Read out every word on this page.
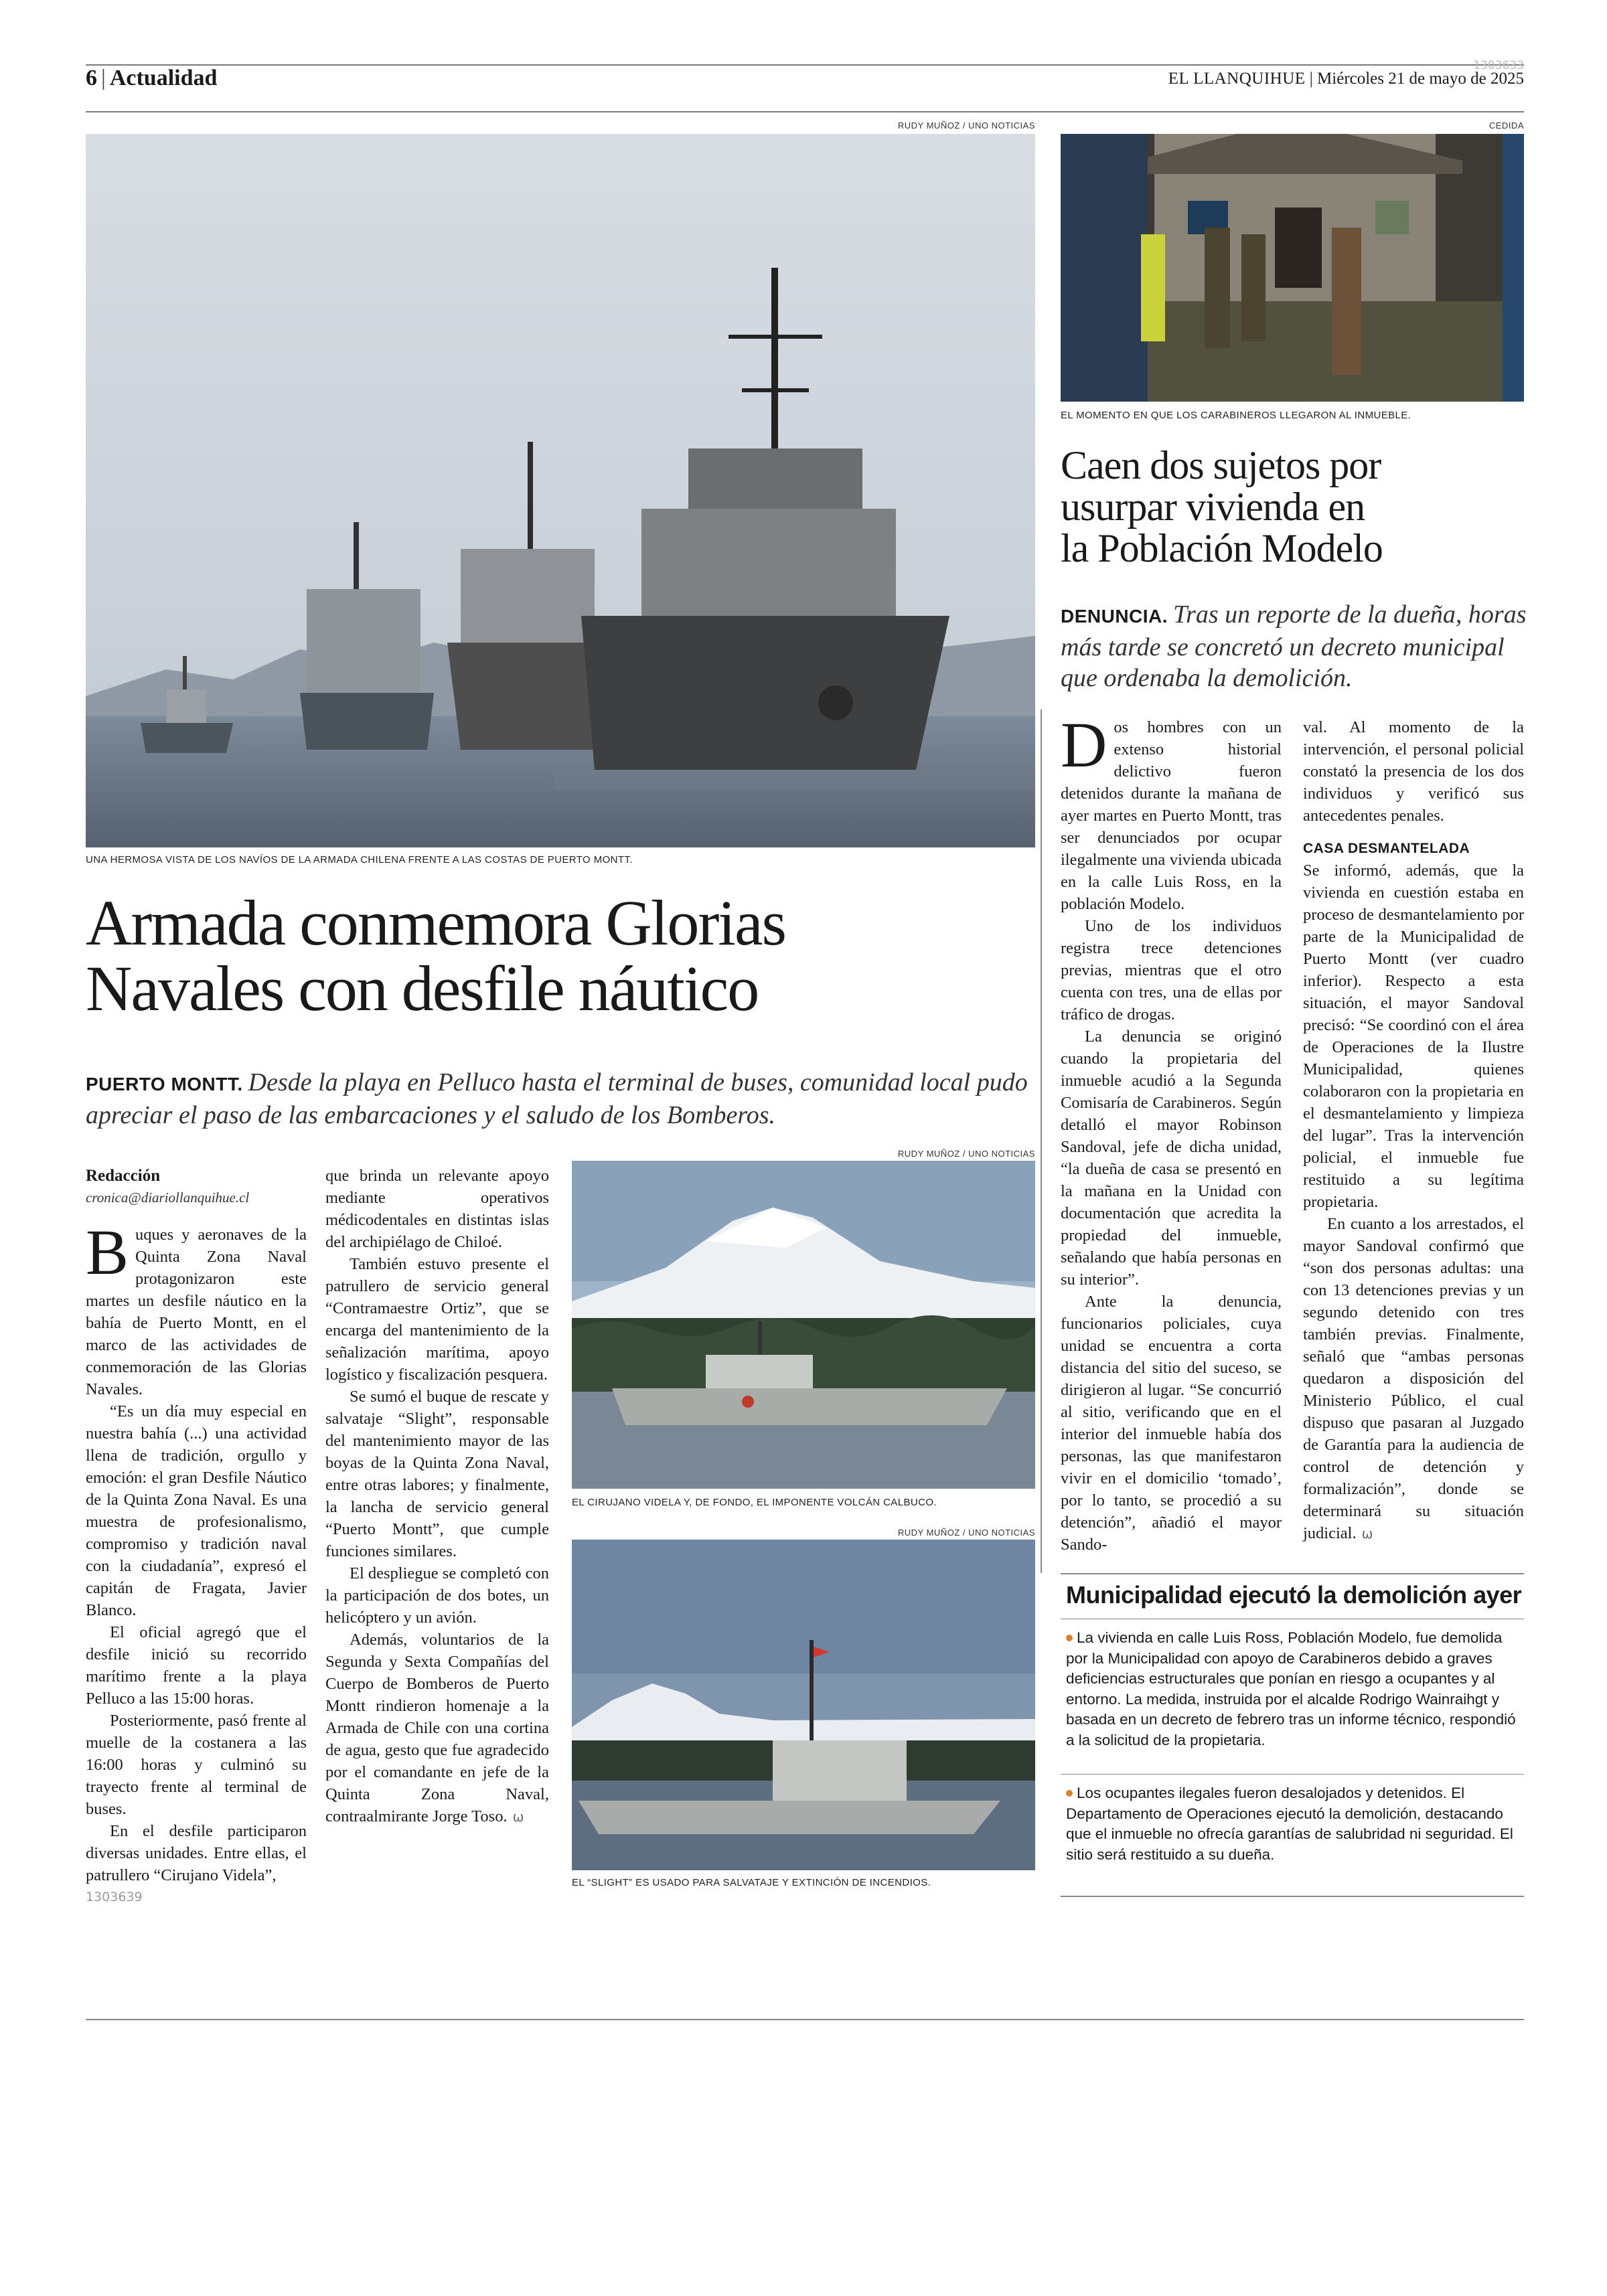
1303633
6 | Actualidad	EL LLANQUIHUE | Miércoles 21 de mayo de 2025
RUDY MUÑOZ / UNO NOTICIAS
UNA HERMOSA VISTA DE LOS NAVÍOS DE LA ARMADA CHILENA FRENTE A LAS COSTAS DE PUERTO MONTT.
Armada conmemora Glorias
Navales con desfile náutico
PUERTO MONTT. Desde la playa en Pelluco hasta el terminal de buses, comunidad local pudo apreciar el paso de las embarcaciones y el saludo de los Bomberos.
Redacción
cronica@diariollanquihue.cl

Buques y aeronaves de la Quinta Zona Naval protagonizaron este martes un desfile náutico en la bahía de Puerto Montt, en el marco de las actividades de conmemoración de las Glorias Navales.

“Es un día muy especial en nuestra bahía (...) una actividad llena de tradición, orgullo y emoción: el gran Desfile Náutico de la Quinta Zona Naval. Es una muestra de profesionalismo, compromiso y tradición naval con la ciudadanía”, expresó el capitán de Fragata, Javier Blanco.

El oficial agregó que el desfile inició su recorrido marítimo frente a la playa Pelluco a las 15:00 horas.

Posteriormente, pasó frente al muelle de la costanera a las 16:00 horas y culminó su trayecto frente al terminal de buses.

En el desfile participaron diversas unidades. Entre ellas, el patrullero “Cirujano Videla”,

1303639

que brinda un relevante apoyo mediante operativos médicodentales en distintas islas del archipiélago de Chiloé.

También estuvo presente el patrullero de servicio general “Contramaestre Ortiz”, que se encarga del mantenimiento de la señalización marítima, apoyo logístico y fiscalización pesquera.

Se sumó el buque de rescate y salvataje “Slight”, responsable del mantenimiento mayor de las boyas de la Quinta Zona Naval, entre otras labores; y finalmente, la lancha de servicio general “Puerto Montt”, que cumple funciones similares.

El despliegue se completó con la participación de dos botes, un helicóptero y un avión.

Además, voluntarios de la Segunda y Sexta Compañías del Cuerpo de Bomberos de Puerto Montt rindieron homenaje a la Armada de Chile con una cortina de agua, gesto que fue agradecido por el comandante en jefe de la Quinta Zona Naval, contraalmirante Jorge Toso. ω

RUDY MUÑOZ / UNO NOTICIAS
EL CIRUJANO VIDELA Y, DE FONDO, EL IMPONENTE VOLCÁN CALBUCO.
RUDY MUÑOZ / UNO NOTICIAS
EL “SLIGHT” ES USADO PARA SALVATAJE Y EXTINCIÓN DE INCENDIOS.
CEDIDA
EL MOMENTO EN QUE LOS CARABINEROS LLEGARON AL INMUEBLE.
Caen dos sujetos por
usurpar vivienda en
la Población Modelo
DENUNCIA. Tras un reporte de la dueña, horas más tarde se concretó un decreto municipal que ordenaba la demolición.

Dos hombres con un extenso historial delictivo fueron detenidos durante la mañana de ayer martes en Puerto Montt, tras ser denunciados por ocupar ilegalmente una vivienda ubicada en la calle Luis Ross, en la población Modelo.

Uno de los individuos registra trece detenciones previas, mientras que el otro cuenta con tres, una de ellas por tráfico de drogas.

La denuncia se originó cuando la propietaria del inmueble acudió a la Segunda Comisaría de Carabineros. Según detalló el mayor Robinson Sandoval, jefe de dicha unidad, “la dueña de casa se presentó en la mañana en la Unidad con documentación que acredita la propiedad del inmueble, señalando que había personas en su interior”.

Ante la denuncia, funcionarios policiales, cuya unidad se encuentra a corta distancia del sitio del suceso, se dirigieron al lugar. “Se concurrió al sitio, verificando que en el interior del inmueble había dos personas, las que manifestaron vivir en el domicilio ‘tomado’, por lo tanto, se procedió a su detención”, añadió el mayor Sando-

val. Al momento de la intervención, el personal policial constató la presencia de los dos individuos y verificó sus antecedentes penales.

CASA DESMANTELADA

Se informó, además, que la vivienda en cuestión estaba en proceso de desmantelamiento por parte de la Municipalidad de Puerto Montt (ver cuadro inferior). Respecto a esta situación, el mayor Sandoval precisó: “Se coordinó con el área de Operaciones de la Ilustre Municipalidad, quienes colaboraron con la propietaria en el desmantelamiento y limpieza del lugar”. Tras la intervención policial, el inmueble fue restituido a su legítima propietaria.

En cuanto a los arrestados, el mayor Sandoval confirmó que “son dos personas adultas: una con 13 detenciones previas y un segundo detenido con tres también previas. Finalmente, señaló que “ambas personas quedaron a disposición del Ministerio Público, el cual dispuso que pasaran al Juzgado de Garantía para la audiencia de control de detención y formalización”, donde se determinará su situación judicial. ω

Municipalidad ejecutó la demolición ayer
La vivienda en calle Luis Ross, Población Modelo, fue demolida por la Municipalidad con apoyo de Carabineros debido a graves deficiencias estructurales que ponían en riesgo a ocupantes y al entorno. La medida, instruida por el alcalde Rodrigo Wainraihgt y basada en un decreto de febrero tras un informe técnico, respondió a la solicitud de la propietaria.
Los ocupantes ilegales fueron desalojados y detenidos. El Departamento de Operaciones ejecutó la demolición, destacando que el inmueble no ofrecía garantías de salubridad ni seguridad. El sitio será restituido a su dueña.
